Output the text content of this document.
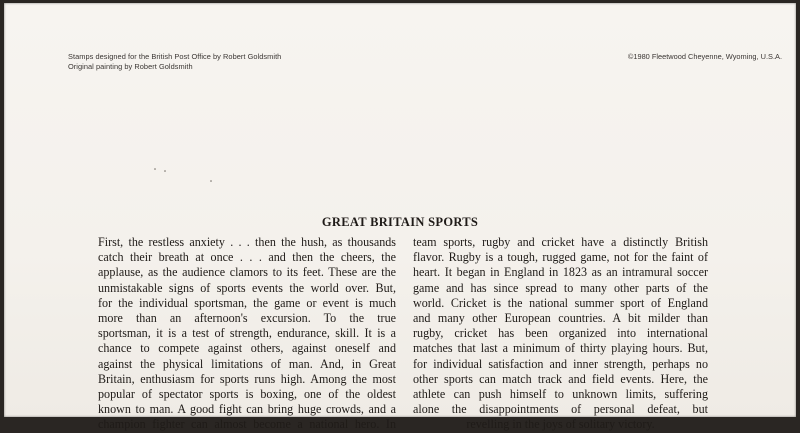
Stamps designed for the British Post Office by Robert Goldsmith
Original painting by Robert Goldsmith
©1980 Fleetwood Cheyenne, Wyoming, U.S.A.
GREAT BRITAIN SPORTS
First, the restless anxiety . . . then the hush, as thousands
catch their breath at once . . . and then the cheers, the
applause, as the audience clamors to its feet. These are the
unmistakable signs of sports events the world over. But,
for the individual sportsman, the game or event is much
more than an afternoon's excursion. To the true
sportsman, it is a test of strength, endurance, skill. It is a
chance to compete against others, against oneself and
against the physical limitations of man. And, in Great
Britain, enthusiasm for sports runs high. Among the most
popular of spectator sports is boxing, one of the oldest
known to man. A good fight can bring huge crowds, and a
champion fighter can almost become a national hero. In
team sports, rugby and cricket have a distinctly British
flavor. Rugby is a tough, rugged game, not for the faint of
heart. It began in England in 1823 as an intramural soccer
game and has since spread to many other parts of the
world. Cricket is the national summer sport of England
and many other European countries. A bit milder than
rugby, cricket has been organized into international
matches that last a minimum of thirty playing hours. But,
for individual satisfaction and inner strength, perhaps no
other sports can match track and field events. Here, the
athlete can push himself to unknown limits, suffering
alone the disappointments of personal defeat, but
revelling in the joys of solitary victory.
